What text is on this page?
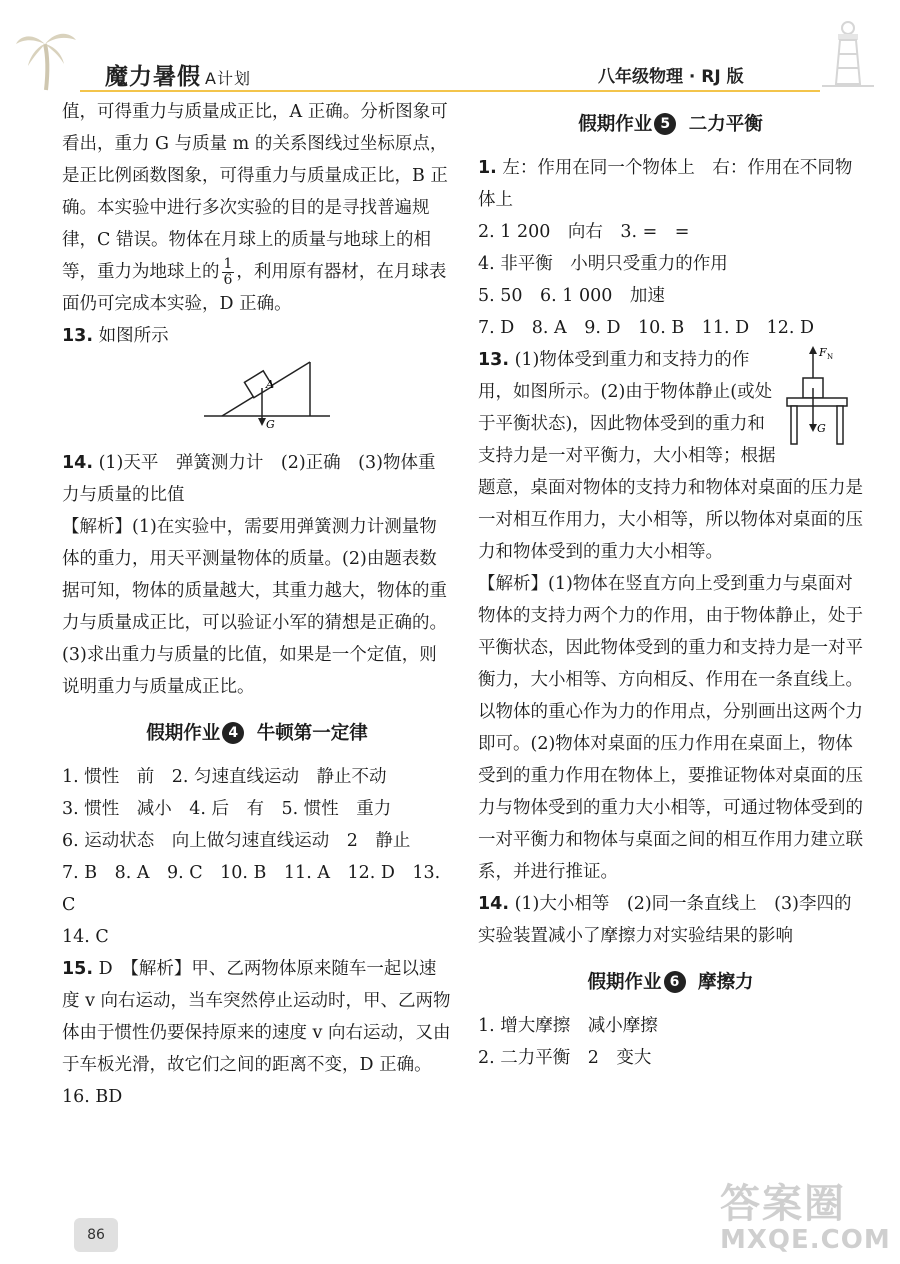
魔力暑假 A计划	八年级物理 · RJ 版

值，可得重力与质量成正比，A 正确。分析图象可看出，重力 G 与质量 m 的关系图线过坐标原点，是正比例函数图象，可得重力与质量成正比，B 正确。本实验中进行多次实验的目的是寻找普遍规律，C 错误。物体在月球上的质量与地球上的相等，重力为地球上的 $\frac{1}{6}$ ，利用原有器材，在月球表面仍可完成本实验，D 正确。

13. 如图所示

A
G

14. (1)天平　弹簧测力计　(2)正确　(3)物体重力与质量的比值

【解析】(1)在实验中，需要用弹簧测力计测量物体的重力，用天平测量物体的质量。(2)由题表数据可知，物体的质量越大，其重力越大，物体的重力与质量成正比，可以验证小军的猜想是正确的。(3)求出重力与质量的比值，如果是一个定值，则说明重力与质量成正比。

假期作业 4 牛顿第一定律

1. 惯性　前　2. 匀速直线运动　静止不动

3. 惯性　减小　4. 后　有　5. 惯性　重力

6. 运动状态　向上做匀速直线运动　2　静止

7. B　8. A　9. C　10. B　11. A　12. D　13. C

14. C

15. D　【解析】甲、乙两物体原来随车一起以速度 v 向右运动，当车突然停止运动时，甲、乙两物体由于惯性仍要保持原来的速度 v 向右运动，又由于车板光滑，故它们之间的距离不变，D 正确。

16. BD

假期作业 5 二力平衡

1. 左：作用在同一个物体上　右：作用在不同物体上

2. 1 200　向右　3. =　=

4. 非平衡　小明只受重力的作用

5. 50　6. 1 000　加速

7. D　8. A　9. D　10. B　11. D　12. D

F N
G

13. (1)物体受到重力和支持力的作用，如图所示。(2)由于物体静止(或处于平衡状态)，因此物体受到的重力和支持力是一对平衡力，大小相等；根据题意，桌面对物体的支持力和物体对桌面的压力是一对相互作用力，大小相等，所以物体对桌面的压力和物体受到的重力大小相等。

【解析】(1)物体在竖直方向上受到重力与桌面对物体的支持力两个力的作用，由于物体静止，处于平衡状态，因此物体受到的重力和支持力是一对平衡力，大小相等、方向相反、作用在一条直线上。以物体的重心作为力的作用点，分别画出这两个力即可。(2)物体对桌面的压力作用在桌面上，物体受到的重力作用在物体上，要推证物体对桌面的压力与物体受到的重力大小相等，可通过物体受到的一对平衡力和物体与桌面之间的相互作用力建立联系，并进行推证。

14. (1)大小相等　(2)同一条直线上　(3)李四的实验装置减小了摩擦力对实验结果的影响

假期作业 6 摩擦力

1. 增大摩擦　减小摩擦

2. 二力平衡　2　变大

86
答案圈
MXQE.COM
